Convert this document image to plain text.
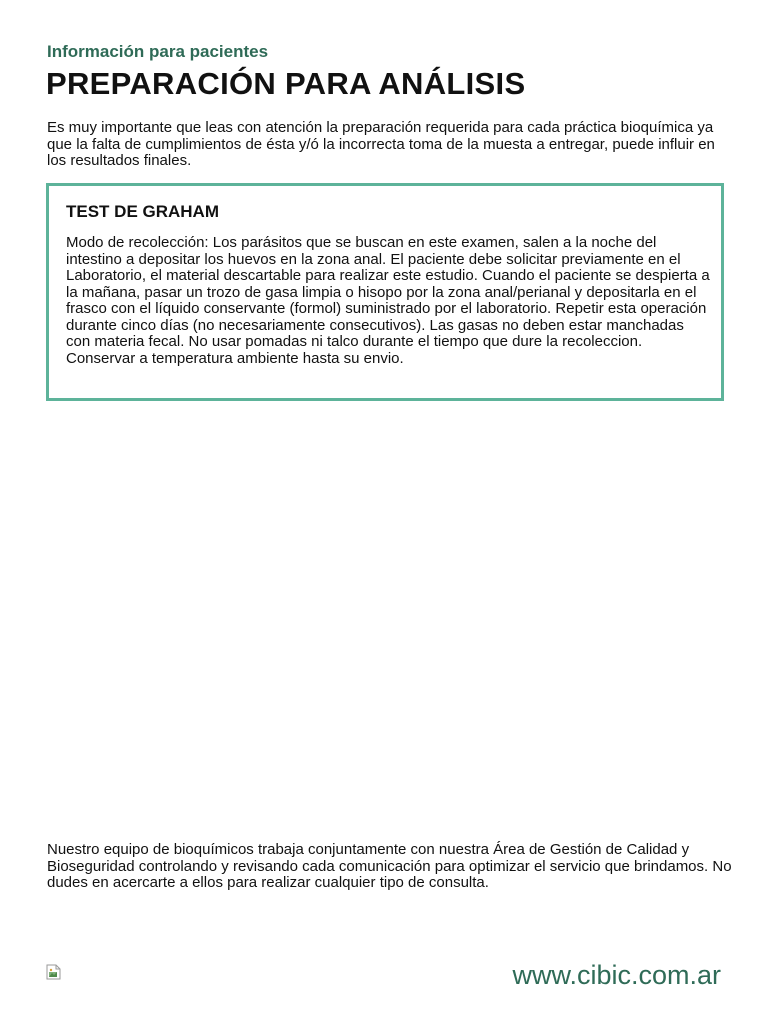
Información para pacientes
PREPARACIÓN PARA ANÁLISIS
Es muy importante que leas con atención la preparación requerida para cada práctica bioquímica ya que la falta de cumplimientos de ésta y/ó la incorrecta toma de la muesta a entregar, puede influir en los resultados finales.
TEST DE GRAHAM
Modo de recolección: Los parásitos que se buscan en este examen, salen a la noche del intestino a depositar los huevos en la zona anal. El paciente debe solicitar previamente en el Laboratorio, el material descartable para realizar este estudio. Cuando el paciente se despierta a la mañana, pasar un trozo de gasa limpia o hisopo por la zona anal/perianal y depositarla en el frasco con el líquido conservante (formol) suministrado por el laboratorio. Repetir esta operación durante cinco días (no necesariamente consecutivos). Las gasas no deben estar manchadas con materia fecal. No usar pomadas ni talco durante el tiempo que dure la recoleccion. Conservar a temperatura ambiente hasta su envio.
Nuestro equipo de bioquímicos trabaja conjuntamente con nuestra Área de Gestión de Calidad y Bioseguridad controlando y revisando cada comunicación para optimizar el servicio que brindamos. No dudes en acercarte a ellos para realizar cualquier tipo de consulta.
www.cibic.com.ar
